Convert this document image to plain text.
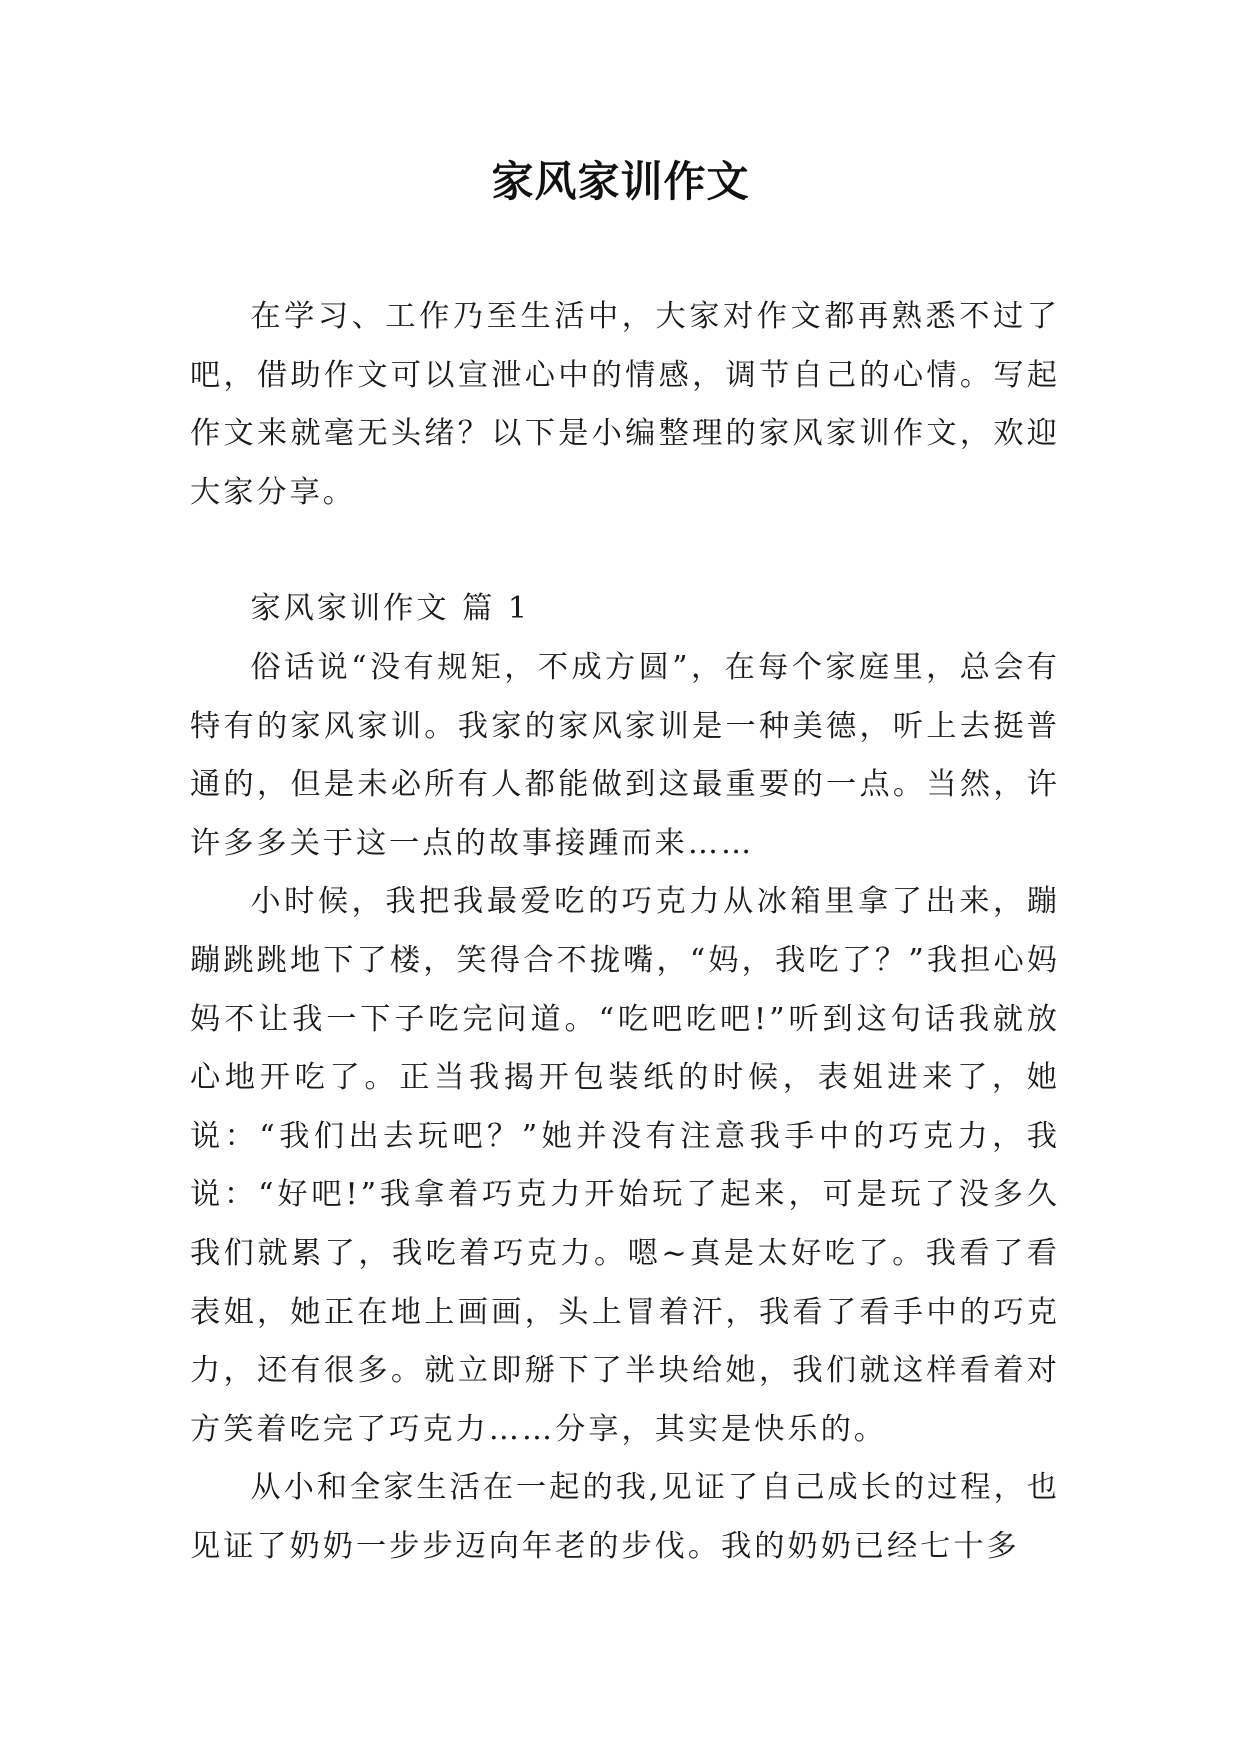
家风家训作文

在学习、工作乃至生活中，大家对作文都再熟悉不过了吧，借助作文可以宣泄心中的情感，调节自己的心情。写起作文来就毫无头绪？以下是小编整理的家风家训作文，欢迎大家分享。

家风家训作文 篇 1

俗话说“没有规矩，不成方圆”，在每个家庭里，总会有特有的家风家训。我家的家风家训是一种美德，听上去挺普通的，但是未必所有人都能做到这最重要的一点。当然，许许多多关于这一点的故事接踵而来……

小时候，我把我最爱吃的巧克力从冰箱里拿了出来，蹦蹦跳跳地下了楼，笑得合不拢嘴，“妈，我吃了？”我担心妈妈不让我一下子吃完问道。“吃吧吃吧!”听到这句话我就放心地开吃了。正当我揭开包装纸的时候，表姐进来了，她说：“我们出去玩吧？”她并没有注意我手中的巧克力，我说：“好吧!”我拿着巧克力开始玩了起来，可是玩了没多久我们就累了，我吃着巧克力。嗯~真是太好吃了。我看了看表姐，她正在地上画画，头上冒着汗，我看了看手中的巧克力，还有很多。就立即掰下了半块给她，我们就这样看着对方笑着吃完了巧克力……分享，其实是快乐的。

从小和全家生活在一起的我,见证了自己成长的过程，也见证了奶奶一步步迈向年老的步伐。我的奶奶已经七十多
